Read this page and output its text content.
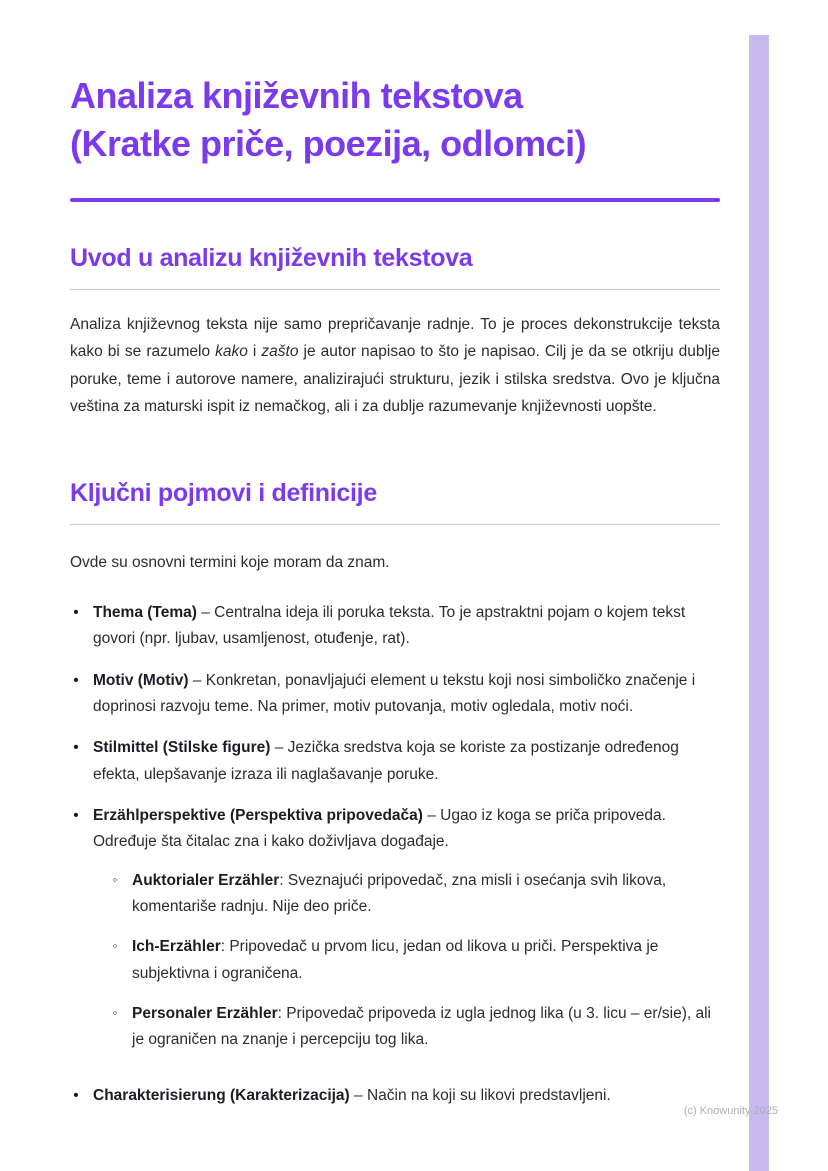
Analiza književnih tekstova (Kratke priče, poezija, odlomci)
Uvod u analizu književnih tekstova

Analiza književnog teksta nije samo prepričavanje radnje. To je proces dekonstrukcije teksta kako bi se razumelo kako i zašto je autor napisao to što je napisao. Cilj je da se otkriju dublje poruke, teme i autorove namere, analizirajući strukturu, jezik i stilska sredstva. Ovo je ključna veština za maturski ispit iz nemačkog, ali i za dublje razumevanje književnosti uopšte.

Ključni pojmovi i definicije

Ovde su osnovni termini koje moram da znam.

• Thema (Tema) – Centralna ideja ili poruka teksta. To je apstraktni pojam o kojem tekst govori (npr. ljubav, usamljenost, otuđenje, rat).
• Motiv (Motiv) – Konkretan, ponavljajući element u tekstu koji nosi simboličko značenje i doprinosi razvoju teme. Na primer, motiv putovanja, motiv ogledala, motiv noći.
• Stilmittel (Stilske figure) – Jezička sredstva koja se koriste za postizanje određenog efekta, ulepšavanje izraza ili naglašavanje poruke.
• Erzählperspektive (Perspektiva pripovedača) – Ugao iz koga se priča pripoveda. Određuje šta čitalac zna i kako doživljava događaje.
◦ Auktorialer Erzähler: Sveznajući pripovedač, zna misli i osećanja svih likova, komentariše radnju. Nije deo priče.
◦ Ich-Erzähler: Pripovedač u prvom licu, jedan od likova u priči. Perspektiva je subjektivna i ograničena.
◦ Personaler Erzähler: Pripovedač pripoveda iz ugla jednog lika (u 3. licu – er/sie), ali je ograničen na znanje i percepciju tog lika.
• Charakterisierung (Karakterizacija) – Način na koji su likovi predstavljeni.
(c) Knowunity 2025
